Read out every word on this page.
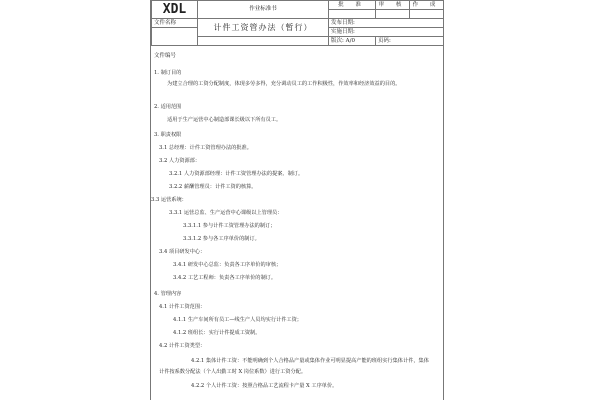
XDL	作业标准书	批 准	审 核	作 成

文件名称	计件工资管办法（暂行）	发布日期:		
		实施日期:		
		版次: A/0	页码:	
文件编号
1. 制订目的
为建立合理的工资分配制度，体现多劳多得，充分调动员工的工作积极性，作效率和经济效益的目的。
2. 适用范围
适用于生产运营中心制造部课长级以下所有员工。
3. 职责权限
3.1 总经理：计件工资管理办法的批准。
3.2 人力资源部：
3.2.1 人力资源部经理：计件工资管理办法的提案、制订。
3.2.2 薪酬管理员：计件工资的核算。
3.3 运营系统：
3.3.1 运营总监、生产运营中心课级以上管理员：
3.3.1.1 参与计件工资管理办法的制订；
3.3.1.2 参与各工序单价的制订。
3.4 项目研发中心：
3.4.1 研发中心总监：负责各工序单价的审核；
3.4.2 工艺工程师：负责各工序单价的制订。
4. 管理内容
4.1 计件工资范围：
4.1.1 生产车间所有员工—线生产人员均实行计件工资；
4.1.2 班组长：实行计件提成工资制。
4.2 计件工资类型：
4.2.1 集体计件工资：不能明确到个人合格品产量或集体作业可明显提高产能的班组实行集体计件，集体计件按系数分配法（个人出勤工时 X 岗位系数）进行工资分配。
4.2.2 个人计件工资：按照合格品工艺流程卡产量 X 工序单价。
